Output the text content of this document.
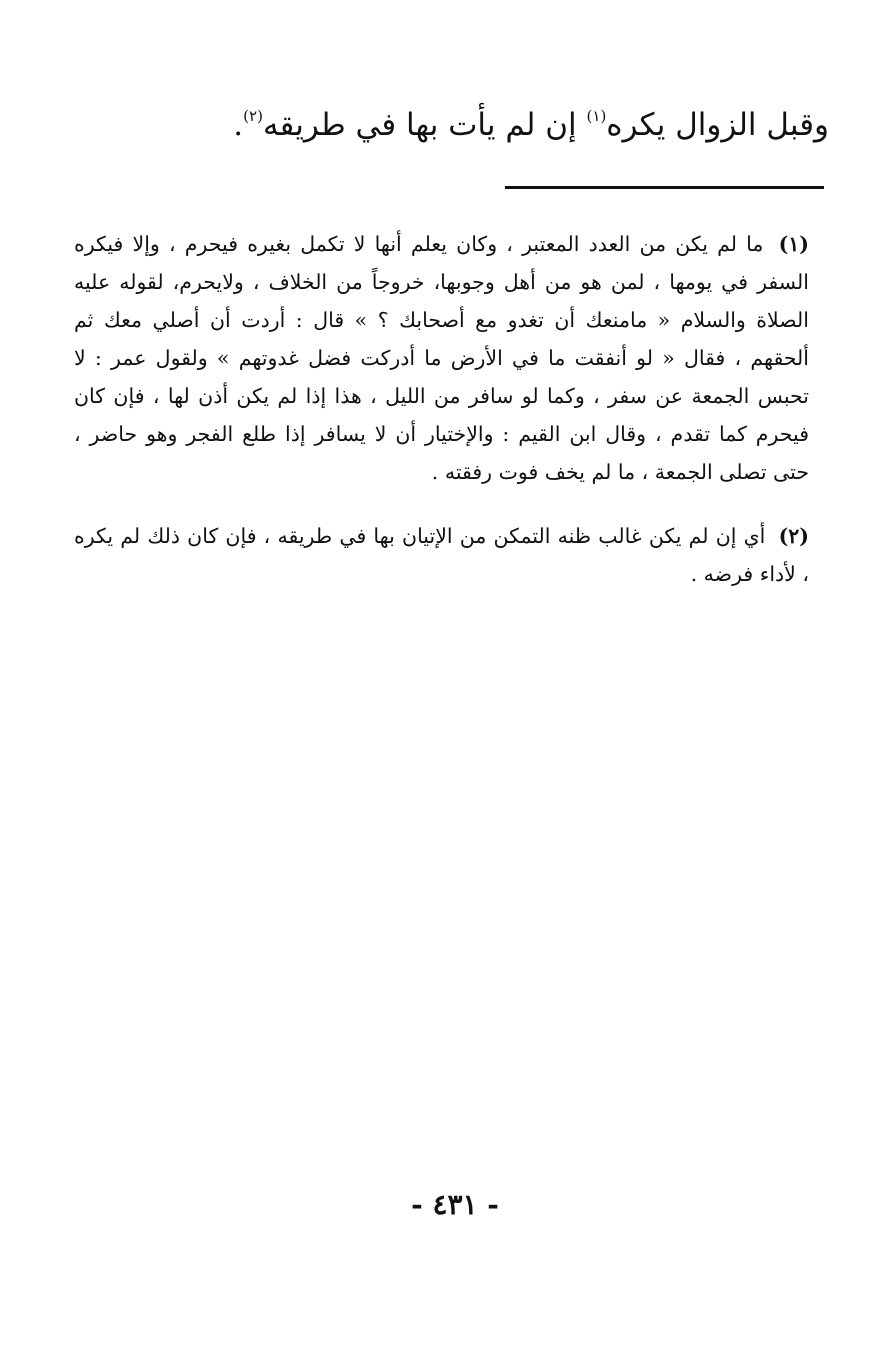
وقبل الزوال يكره$^{(١)}$ إن لم يأت بها في طريقه$^{(٢)}$.

(١) ما لم يكن من العدد المعتبر ، وكان يعلم أنها لا تكمل بغيره فيحرم ، وإلا فيكره السفر في يومها ، لمن هو من أهل وجوبها، خروجاً من الخلاف ، ولايحرم، لقوله عليه الصلاة والسلام « مامنعك أن تغدو مع أصحابك ؟ » قال : أردت أن أصلي معك ثم ألحقهم ، فقال « لو أنفقت ما في الأرض ما أدركت فضل غدوتهم » ولقول عمر : لا تحبس الجمعة عن سفر ، وكما لو سافر من الليل ، هذا إذا لم يكن أذن لها ، فإن كان فيحرم كما تقدم ، وقال ابن القيم : والإختيار أن لا يسافر إذا طلع الفجر وهو حاضر ، حتى تصلى الجمعة ، ما لم يخف فوت رفقته .

(٢) أي إن لم يكن غالب ظنه التمكن من الإتيان بها في طريقه ، فإن كان ذلك لم يكره ، لأداء فرضه .

- ٤٣١ -
